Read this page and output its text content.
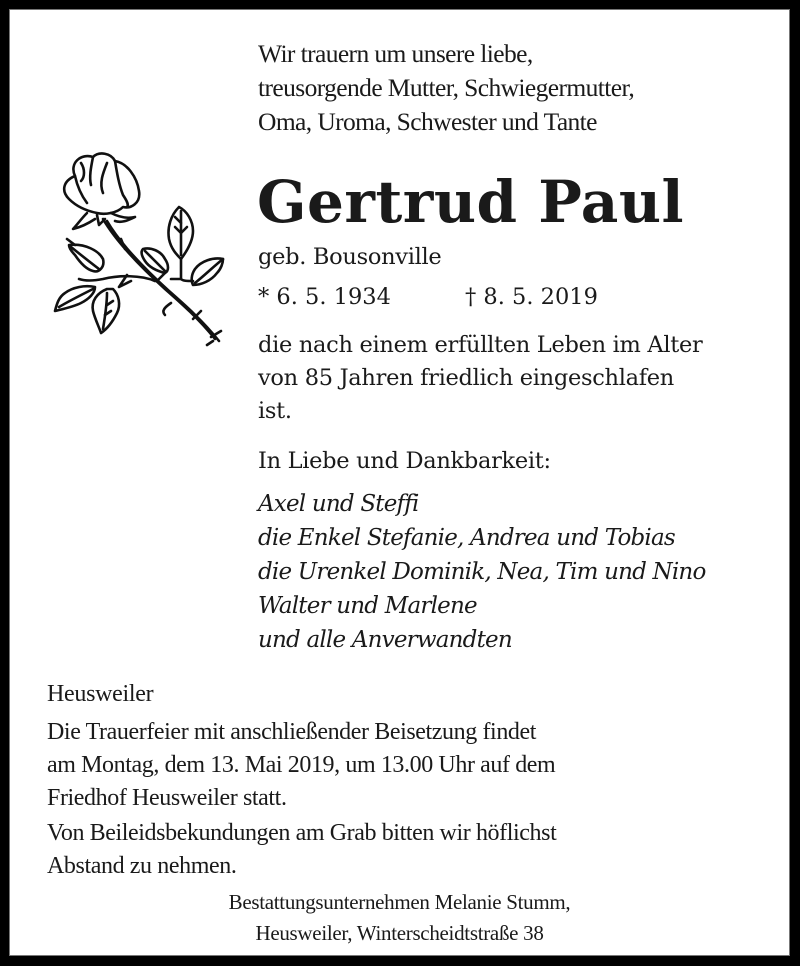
Wir trauern um unsere liebe,
treusorgende Mutter, Schwiegermutter,
Oma, Uroma, Schwester und Tante
Gertrud Paul
geb. Bousonville
* 6. 5. 1934	† 8. 5. 2019
die nach einem erfüllten Leben im Alter
von 85 Jahren friedlich eingeschlafen
ist.
In Liebe und Dankbarkeit:
Axel und Steffi
die Enkel Stefanie, Andrea und Tobias
die Urenkel Dominik, Nea, Tim und Nino
Walter und Marlene
und alle Anverwandten
Heusweiler
Die Trauerfeier mit anschließender Beisetzung findet
am Montag, dem 13. Mai 2019, um 13.00 Uhr auf dem
Friedhof Heusweiler statt.
Von Beileidsbekundungen am Grab bitten wir höflichst
Abstand zu nehmen.
Bestattungsunternehmen Melanie Stumm,
Heusweiler, Winterscheidtstraße 38
